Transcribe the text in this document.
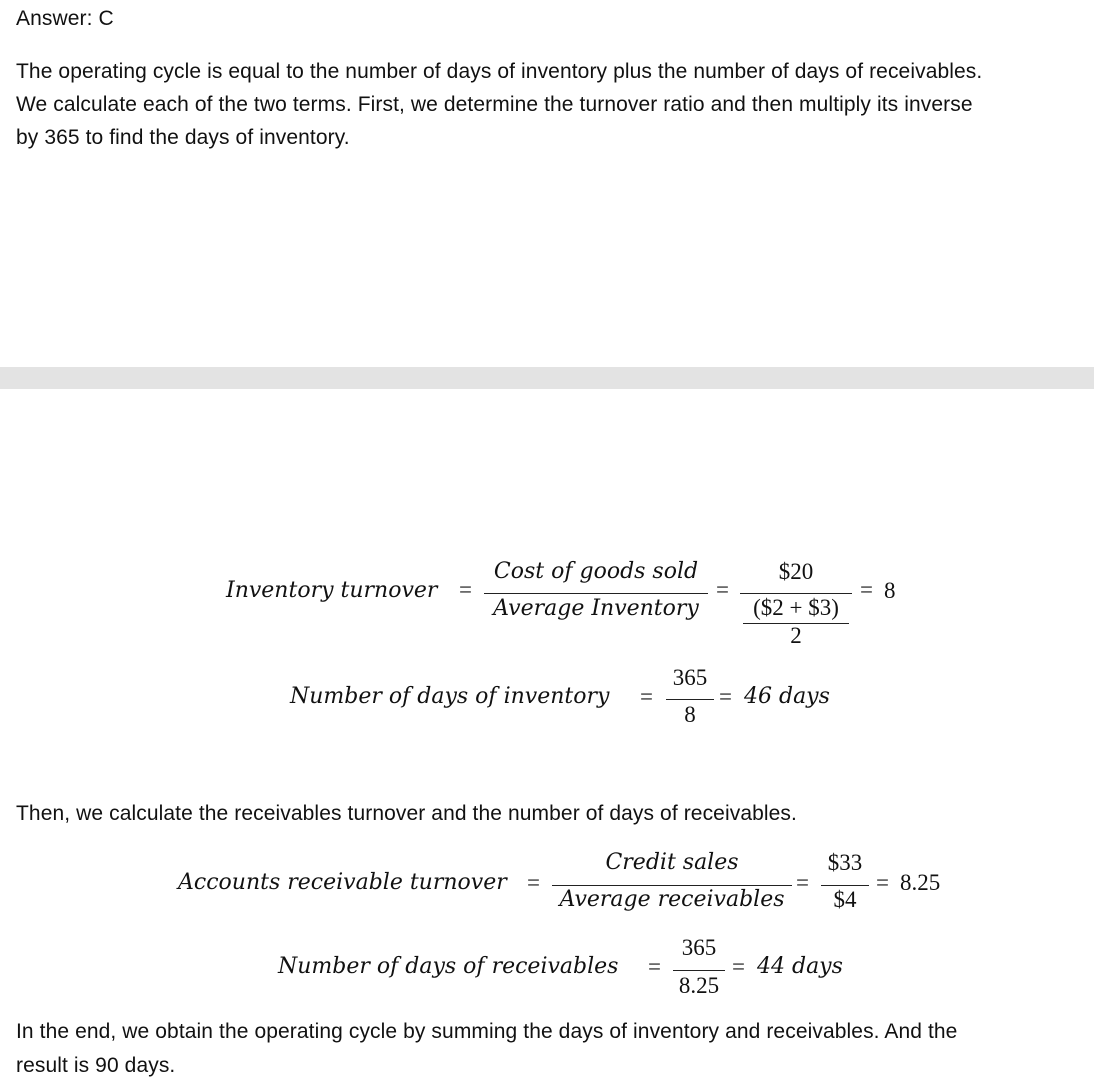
Answer: C
The operating cycle is equal to the number of days of inventory plus the number of days of receivables.
We calculate each of the two terms. First, we determine the turnover ratio and then multiply its inverse
by 365 to find the days of inventory.
Inventory turnover =
Cost of goods sold
Average Inventory
=
$20
($2 + $3)
2
= 8
Number of days of inventory =
365
8
= 46 days
Then, we calculate the receivables turnover and the number of days of receivables.
Accounts receivable turnover =
Credit sales
Average receivables
=
$33
$4
= 8.25
Number of days of receivables =
365
8.25
= 44 days
In the end, we obtain the operating cycle by summing the days of inventory and receivables. And the
result is 90 days.
